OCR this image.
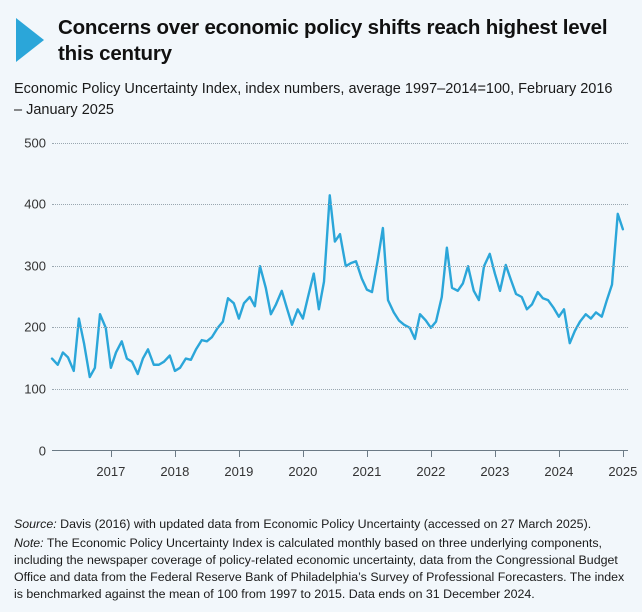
Concerns over economic policy shifts reach highest level this century

Economic Policy Uncertainty Index, index numbers, average 1997–2014=100, February 2016 – January 2025

0
100
200
300
400
500
2017	2018	2019	2020	2021	2022	2023	2024	2025

Source: Davis (2016) with updated data from Economic Policy Uncertainty (accessed on 27 March 2025).

Note: The Economic Policy Uncertainty Index is calculated monthly based on three underlying components, including the newspaper coverage of policy-related economic uncertainty, data from the Congressional Budget Office and data from the Federal Reserve Bank of Philadelphia’s Survey of Professional Forecasters. The index is benchmarked against the mean of 100 from 1997 to 2015. Data ends on 31 December 2024.
